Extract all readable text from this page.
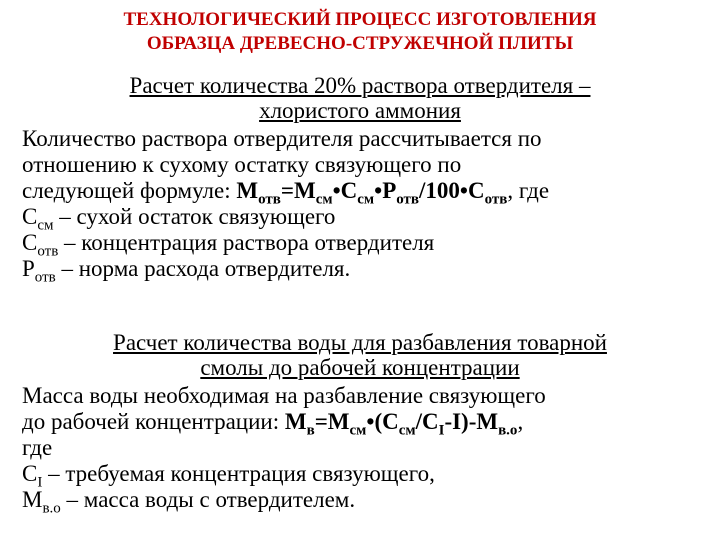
ТЕХНОЛОГИЧЕСКИЙ ПРОЦЕСС ИЗГОТОВЛЕНИЯ
ОБРАЗЦА ДРЕВЕСНО-СТРУЖЕЧНОЙ ПЛИТЫ
Расчет количества 20% раствора отвердителя –
хлористого аммония
Количество раствора отвердителя рассчитывается по
отношению к сухому остатку связующего по
следующей формуле: $М_{отв}=М_{см}•С_{см}•Р_{отв}/100•С_{отв}$, где
$С_{см}$ – сухой остаток связующего
$С_{отв}$ – концентрация раствора отвердителя
$Р_{отв}$ – норма расхода отвердителя.
Расчет количества воды для разбавления товарной
смолы до рабочей концентрации
Масса воды необходимая на разбавление связующего
до рабочей концентрации: $М_в=М_{см}•(С_{см}/С_I-I)-М_{в.о}$,
где
$С_I$ – требуемая концентрация связующего,
$М_{в.о}$ – масса воды с отвердителем.
